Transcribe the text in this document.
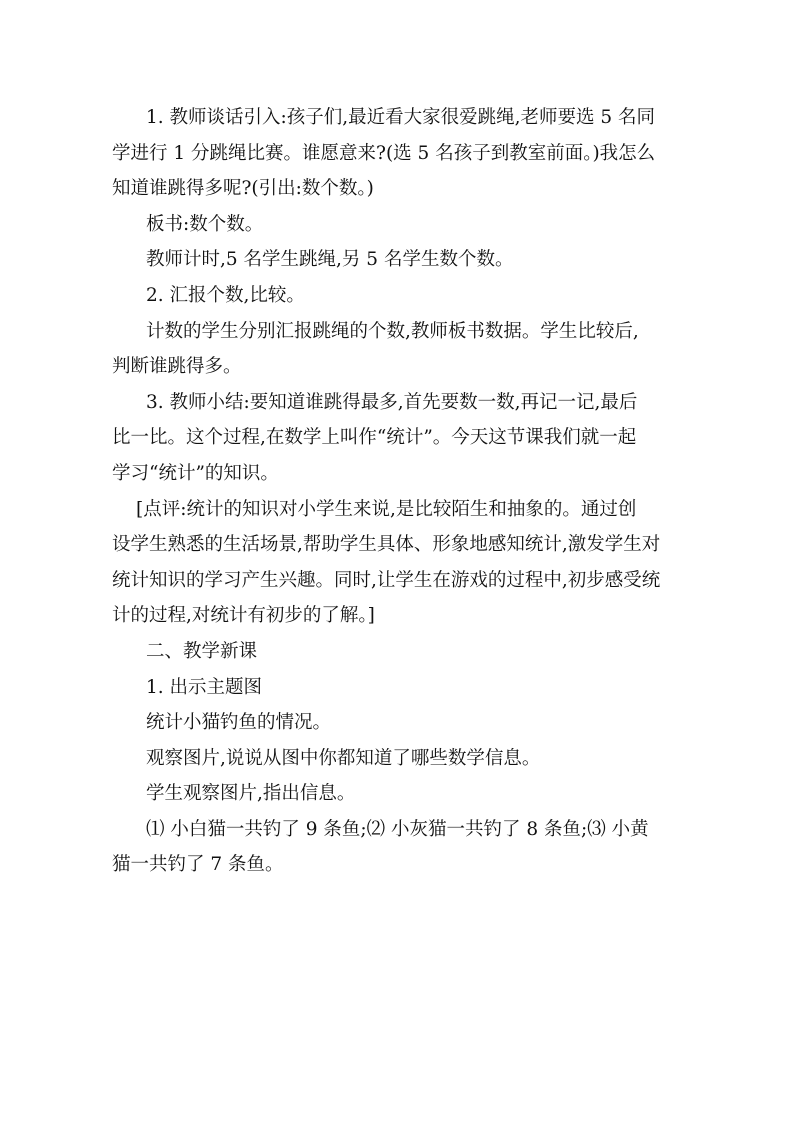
1. 教师谈话引入:孩子们,最近看大家很爱跳绳,老师要选 5 名同

学进行 1 分跳绳比赛。谁愿意来?(选 5 名孩子到教室前面。)我怎么

知道谁跳得多呢?(引出:数个数。)

板书:数个数。

教师计时,5 名学生跳绳,另 5 名学生数个数。

2. 汇报个数,比较。

计数的学生分别汇报跳绳的个数,教师板书数据。学生比较后,

判断谁跳得多。

3. 教师小结:要知道谁跳得最多,首先要数一数,再记一记,最后

比一比。这个过程,在数学上叫作“统计”。今天这节课我们就一起

学习“统计”的知识。

[点评:统计的知识对小学生来说,是比较陌生和抽象的。通过创

设学生熟悉的生活场景,帮助学生具体、形象地感知统计,激发学生对

统计知识的学习产生兴趣。同时,让学生在游戏的过程中,初步感受统

计的过程,对统计有初步的了解。]

二、教学新课

1. 出示主题图

统计小猫钓鱼的情况。

观察图片,说说从图中你都知道了哪些数学信息。

学生观察图片,指出信息。

⑴ 小白猫一共钓了 9 条鱼;⑵ 小灰猫一共钓了 8 条鱼;⑶ 小黄

猫一共钓了 7 条鱼。
